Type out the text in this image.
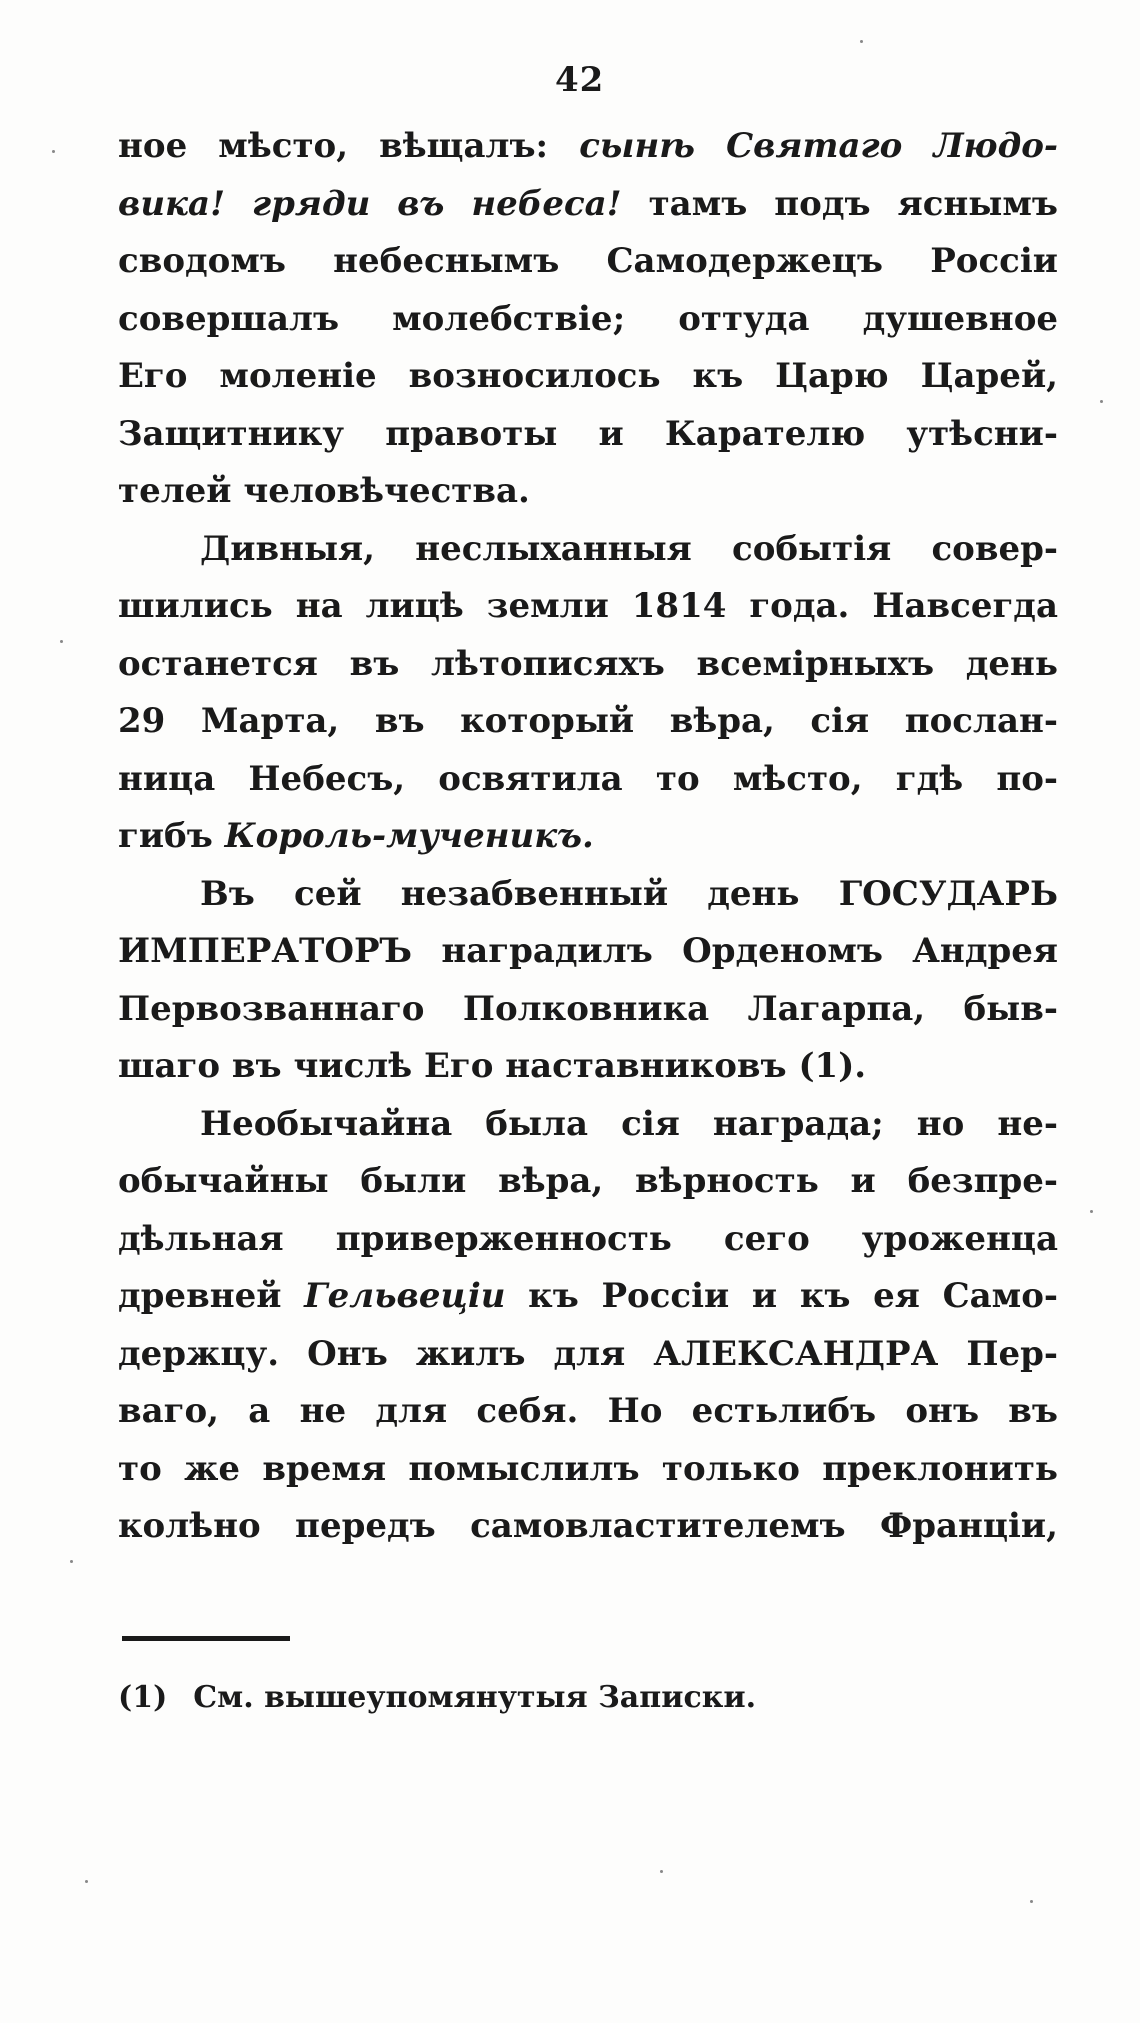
42
ное мѣсто, вѣщалъ: сынѣ Святаго Людо-
вика! гряди въ небеса! тамъ подъ яснымъ
сводомъ небеснымъ Самодержецъ Россіи
совершалъ молебствіе; оттуда душевное
Его моленіе возносилось къ Царю Царей,
Защитнику правоты и Карателю утѣсни-
телей человѣчества.
Дивныя, неслыханныя событія совер-
шились на лицѣ земли 1814 года. Навсегда
останется въ лѣтописяхъ всемірныхъ день
29 Марта, въ который вѣра, сія послан-
ница Небесъ, освятила то мѣсто, гдѣ по-
гибъ Король-мученикъ.
Въ сей незабвенный день ГОСУДАРЬ
ИМПЕРАТОРЪ наградилъ Орденомъ Андрея
Первозваннаго Полковника Лагарпа, быв-
шаго въ числѣ Его наставниковъ (1).
Необычайна была сія награда; но не-
обычайны были вѣра, вѣрность и безпре-
дѣльная приверженность сего уроженца
древней Гельвеціи къ Россіи и къ ея Само-
держцу. Онъ жилъ для АЛЕКСАНДРА Пер-
ваго, а не для себя. Но естьлибъ онъ въ
то же время помыслилъ только преклонить
колѣно передъ самовластителемъ Франціи,
(1) См. вышеупомянутыя Записки.
